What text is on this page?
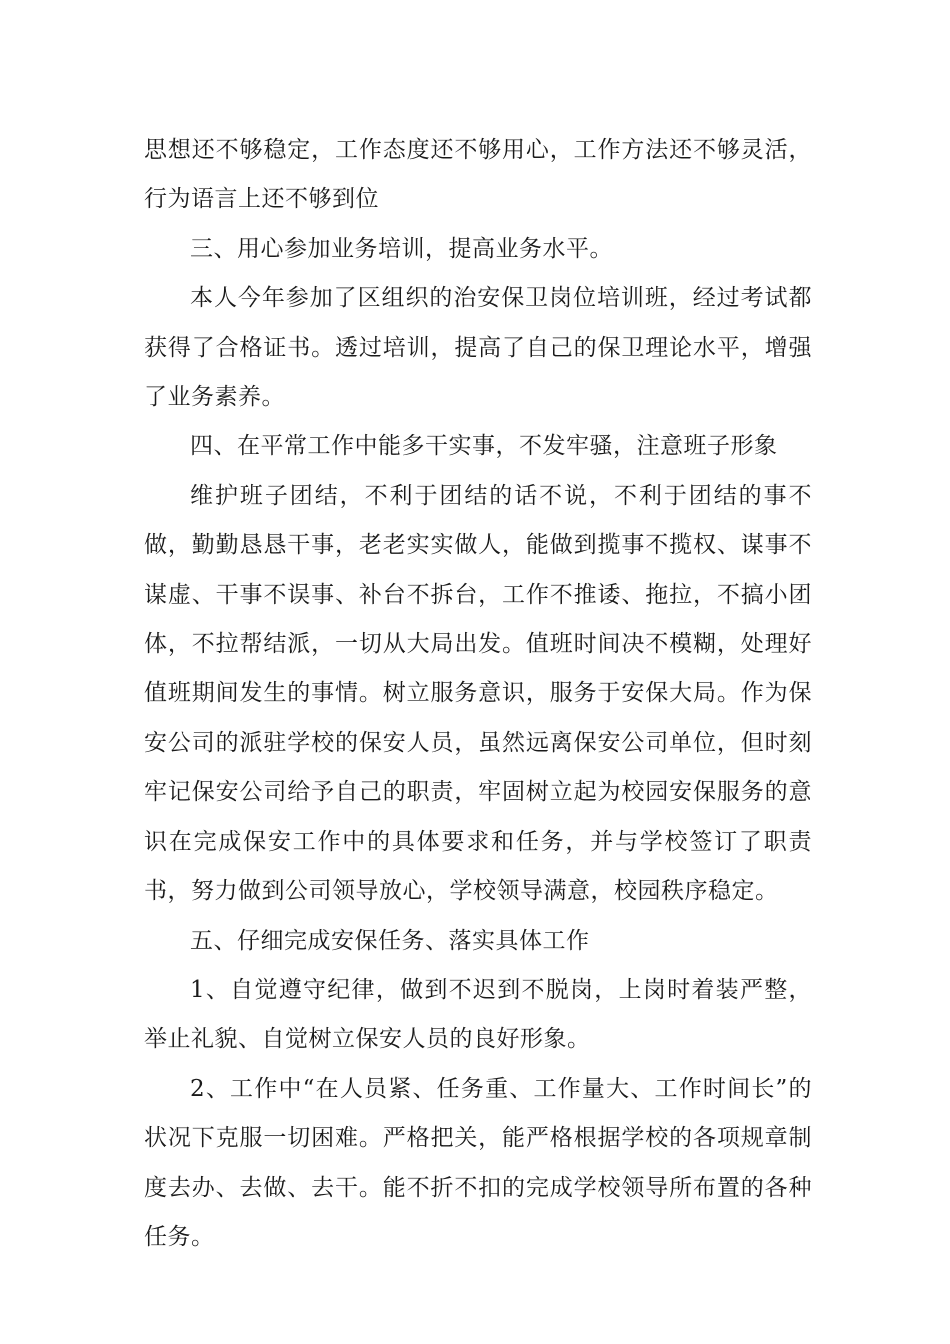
思想还不够稳定，工作态度还不够用心，工作方法还不够灵活，行为语言上还不够到位

三、用心参加业务培训，提高业务水平。

本人今年参加了区组织的治安保卫岗位培训班，经过考试都获得了合格证书。透过培训，提高了自己的保卫理论水平，增强了业务素养。

四、在平常工作中能多干实事，不发牢骚，注意班子形象

维护班子团结，不利于团结的话不说，不利于团结的事不做，勤勤恳恳干事，老老实实做人，能做到揽事不揽权、谋事不谋虚、干事不误事、补台不拆台，工作不推诿、拖拉，不搞小团体，不拉帮结派，一切从大局出发。值班时间决不模糊，处理好值班期间发生的事情。树立服务意识，服务于安保大局。作为保安公司的派驻学校的保安人员，虽然远离保安公司单位，但时刻牢记保安公司给予自己的职责，牢固树立起为校园安保服务的意识在完成保安工作中的具体要求和任务，并与学校签订了职责书，努力做到公司领导放心，学校领导满意，校园秩序稳定。

五、仔细完成安保任务、落实具体工作

1、自觉遵守纪律，做到不迟到不脱岗，上岗时着装严整，举止礼貌、自觉树立保安人员的良好形象。

2、工作中“在人员紧、任务重、工作量大、工作时间长”的状况下克服一切困难。严格把关，能严格根据学校的各项规章制度去办、去做、去干。能不折不扣的完成学校领导所布置的各种任务。
